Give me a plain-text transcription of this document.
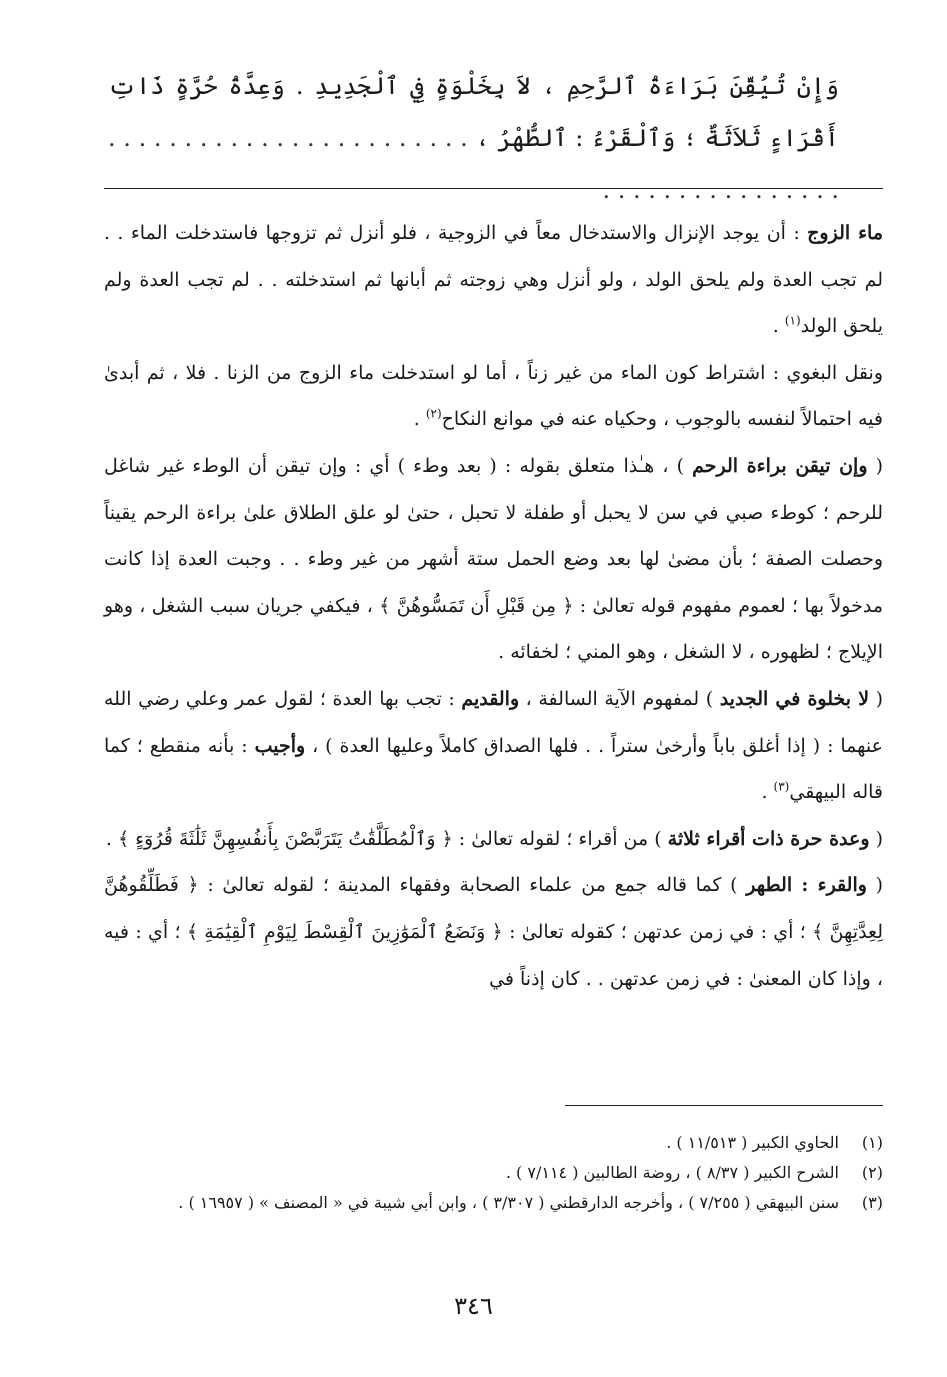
وَإِنْ تُيُقِّنَ بَرَاءَةُ ٱلرَّحِمِ ، لاَ بِخَلْوَةٍ فِي ٱلْجَدِيدِ . وَعِدَّةُ حُرَّةٍ ذَاتِ أَقْرَاءٍ ثَلاَثَةٌ ؛ وَٱلْقَرْءُ : ٱلطُّهْرُ ، . . . . . . . . . . . . . . . . . . . . . . . . . . . . . . . . . . . . . . . .

ماء الزوج : أن يوجد الإنزال والاستدخال معاً في الزوجية ، فلو أنزل ثم تزوجها فاستدخلت الماء . . لم تجب العدة ولم يلحق الولد ، ولو أنزل وهي زوجته ثم أبانها ثم استدخلته . . لم تجب العدة ولم يلحق الولد$^{(١)}$ .

ونقل البغوي : اشتراط كون الماء من غير زناً ، أما لو استدخلت ماء الزوج من الزنا . فلا ، ثم أبدىٰ فيه احتمالاً لنفسه بالوجوب ، وحكياه عنه في موانع النكاح$^{(٢)}$ .

( وإن تيقن براءة الرحم ) ، هـٰذا متعلق بقوله : ( بعد وطء ) أي : وإن تيقن أن الوطء غير شاغل للرحم ؛ كوطء صبي في سن لا يحبل أو طفلة لا تحبل ، حتىٰ لو علق الطلاق علىٰ براءة الرحم يقيناً وحصلت الصفة ؛ بأن مضىٰ لها بعد وضع الحمل ستة أشهر من غير وطء . . وجبت العدة إذا كانت مدخولاً بها ؛ لعموم مفهوم قوله تعالىٰ : ﴿ مِن قَبْلِ أَن تَمَسُّوهُنَّ ﴾ ، فيكفي جريان سبب الشغل ، وهو الإيلاج ؛ لظهوره ، لا الشغل ، وهو المني ؛ لخفائه .

( لا بخلوة في الجديد ) لمفهوم الآية السالفة ، والقديم : تجب بها العدة ؛ لقول عمر وعلي رضي الله عنهما : ( إذا أغلق باباً وأرخىٰ ستراً . . فلها الصداق كاملاً وعليها العدة ) ، وأجيب : بأنه منقطع ؛ كما قاله البيهقي$^{(٣)}$ .

( وعدة حرة ذات أقراء ثلاثة ) من أقراء ؛ لقوله تعالىٰ : ﴿ وَٱلْمُطَلَّقَٰتُ يَتَرَبَّصْنَ بِأَنفُسِهِنَّ ثَلَٰثَةَ قُرُوٓءٍ ﴾ .

( والقرء : الطهر ) كما قاله جمع من علماء الصحابة وفقهاء المدينة ؛ لقوله تعالىٰ : ﴿ فَطَلِّقُوهُنَّ لِعِدَّتِهِنَّ ﴾ ؛ أي : في زمن عدتهن ؛ كقوله تعالىٰ : ﴿ وَنَضَعُ ٱلْمَوَٰزِينَ ٱلْقِسْطَ لِيَوْمِ ٱلْقِيَٰمَةِ ﴾ ؛ أي : فيه ، وإذا كان المعنىٰ : في زمن عدتهن . . كان إذناً في

(١)
الحاوي الكبير ( ١١/٥١٣ ) .
(٢)
الشرح الكبير ( ٨/٣٧ ) ، روضة الطالبين ( ٧/١١٤ ) .
(٣)
سنن البيهقي ( ٧/٢٥٥ ) ، وأخرجه الدارقطني ( ٣/٣٠٧ ) ، وابن أبي شيبة في « المصنف » ( ١٦٩٥٧ ) .
٣٤٦
